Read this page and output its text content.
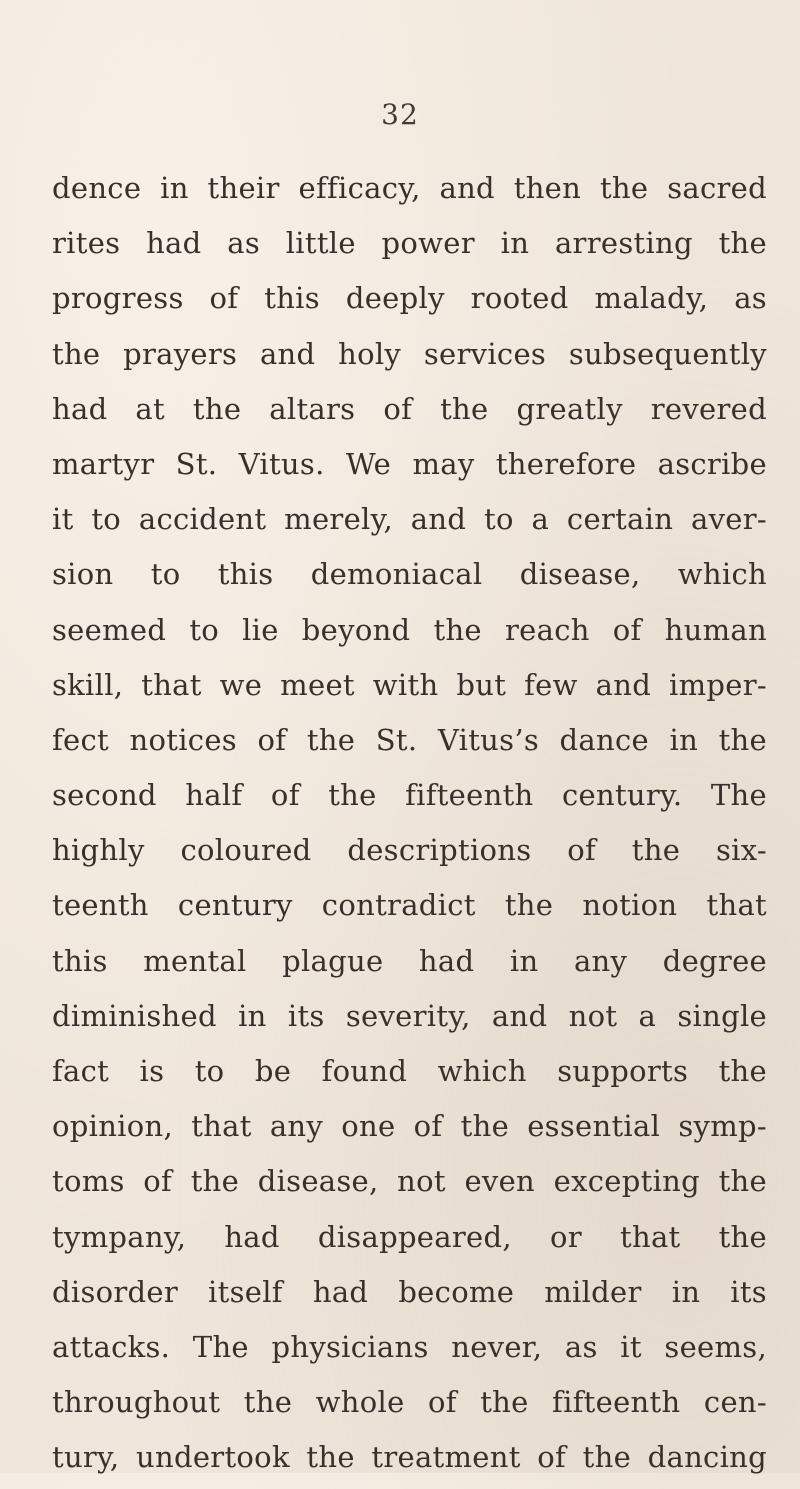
32
dence in their efficacy, and then the sacred
rites had as little power in arresting the
progress of this deeply rooted malady, as
the prayers and holy services subsequently
had at the altars of the greatly revered
martyr St. Vitus. We may therefore ascribe
it to accident merely, and to a certain aver-
sion to this demoniacal disease, which
seemed to lie beyond the reach of human
skill, that we meet with but few and imper-
fect notices of the St. Vitus’s dance in the
second half of the fifteenth century. The
highly coloured descriptions of the six-
teenth century contradict the notion that
this mental plague had in any degree
diminished in its severity, and not a single
fact is to be found which supports the
opinion, that any one of the essential symp-
toms of the disease, not even excepting the
tympany, had disappeared, or that the
disorder itself had become milder in its
attacks. The physicians never, as it seems,
throughout the whole of the fifteenth cen-
tury, undertook the treatment of the dancing
